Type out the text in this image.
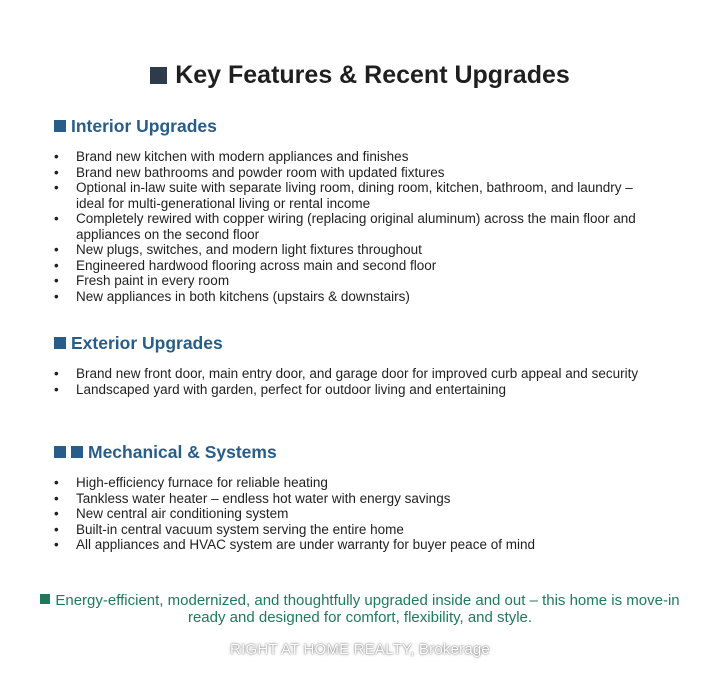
Key Features & Recent Upgrades
Interior Upgrades
• Brand new kitchen with modern appliances and finishes
• Brand new bathrooms and powder room with updated fixtures
• Optional in-law suite with separate living room, dining room, kitchen, bathroom, and laundry – ideal for multi-generational living or rental income
• Completely rewired with copper wiring (replacing original aluminum) across the main floor and appliances on the second floor
• New plugs, switches, and modern light fixtures throughout
• Engineered hardwood flooring across main and second floor
• Fresh paint in every room
• New appliances in both kitchens (upstairs & downstairs)
Exterior Upgrades
• Brand new front door, main entry door, and garage door for improved curb appeal and security
• Landscaped yard with garden, perfect for outdoor living and entertaining
Mechanical & Systems
• High-efficiency furnace for reliable heating
• Tankless water heater – endless hot water with energy savings
• New central air conditioning system
• Built-in central vacuum system serving the entire home
• All appliances and HVAC system are under warranty for buyer peace of mind
Energy-efficient, modernized, and thoughtfully upgraded inside and out – this home is move-in ready and designed for comfort, flexibility, and style.
RIGHT AT HOME REALTY, Brokerage
